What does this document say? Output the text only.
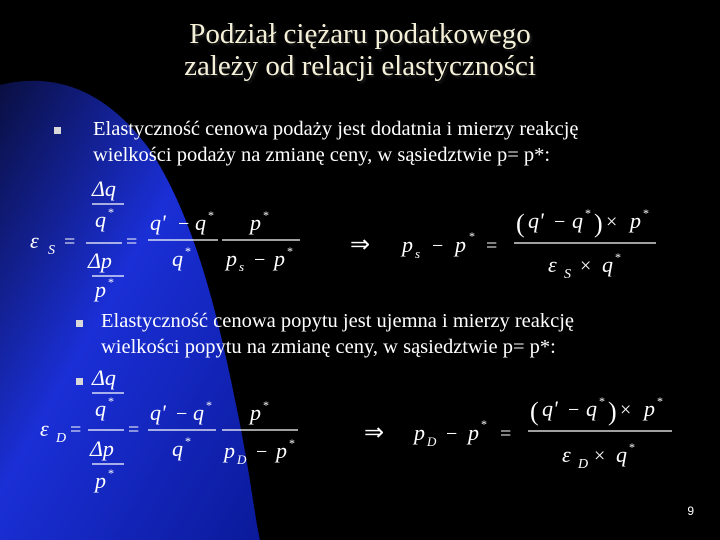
Podział ciężaru podatkowego
zależy od relacji elastyczności
Elastyczność cenowa podaży jest dodatnia i mierzy reakcję
wielkości podaży na zmianę ceny, w sąsiedztwie p= p*:
Elastyczność cenowa popytu jest ujemna i mierzy reakcję
wielkości popytu na zmianę ceny, w sąsiedztwie p= p*:
ε S =
Δq
q *
Δp
p *
=
q' − q *
q *
p *
p s − p * ⇒ p s − p * =
( q' − q * ) × p *
ε S × q *
ε D =
Δq
q *
Δp
p *
=
q' − q *
q *
p *
p D − p *	⇒ p D − p * =
( q' − q * ) × p *
ε D × q *
9
